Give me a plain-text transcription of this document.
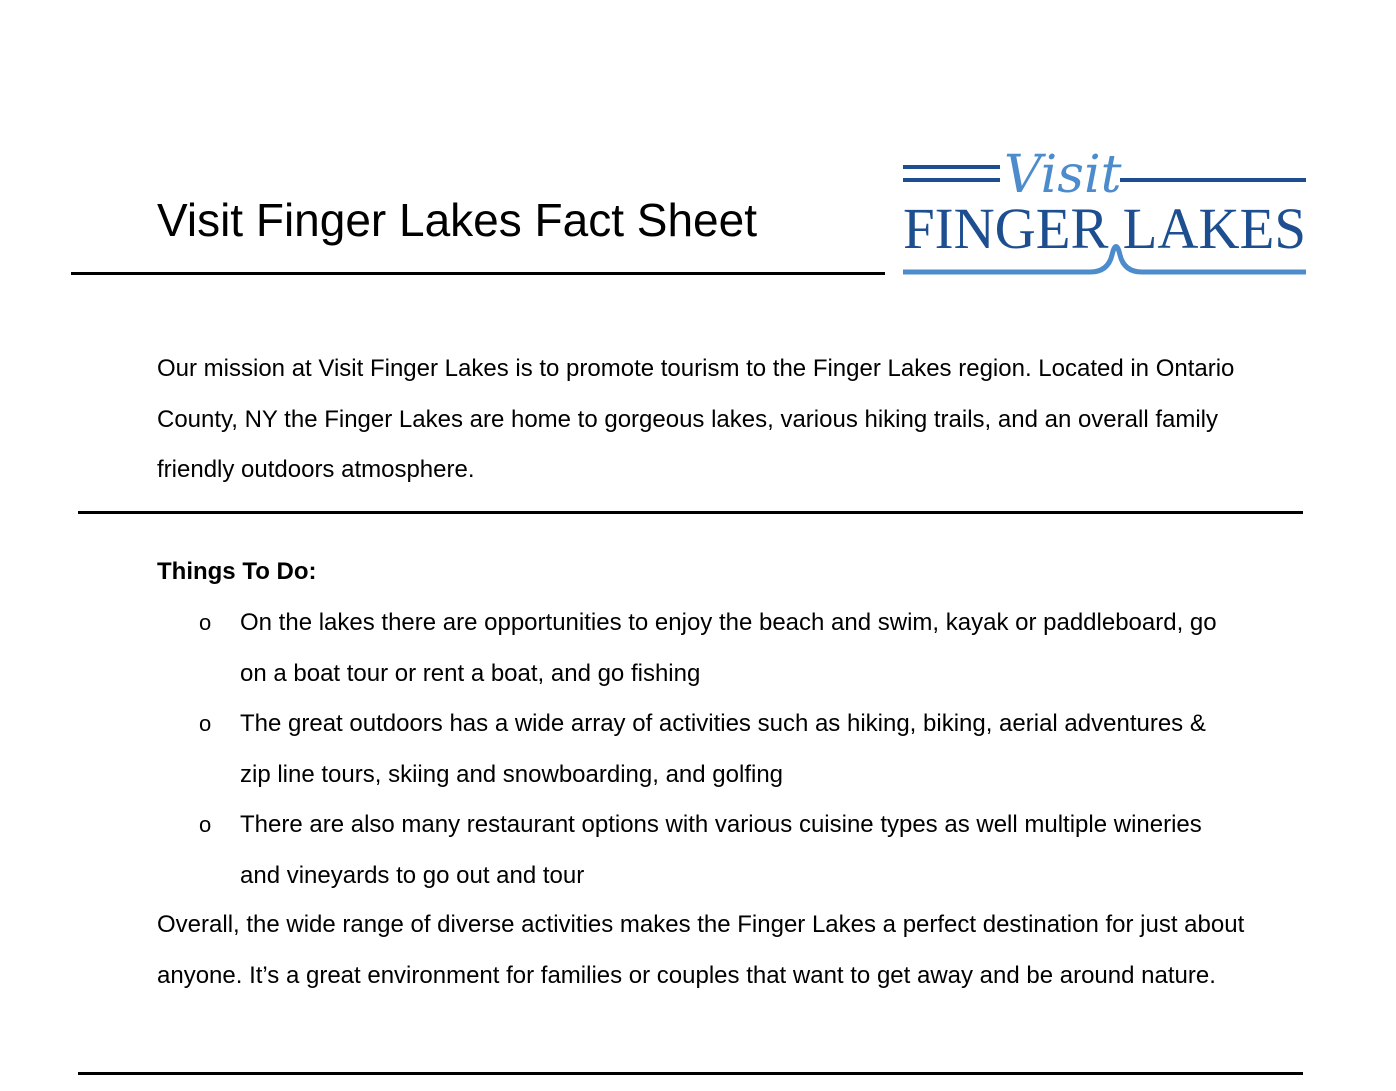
Visit Finger Lakes Fact Sheet
Visit
FINGER LAKES

Our mission at Visit Finger Lakes is to promote tourism to the Finger Lakes region. Located in Ontario County, NY the Finger Lakes are home to gorgeous lakes, various hiking trails, and an overall family friendly outdoors atmosphere.

Things To Do:

o On the lakes there are opportunities to enjoy the beach and swim, kayak or paddleboard, go on a boat tour or rent a boat, and go fishing
o The great outdoors has a wide array of activities such as hiking, biking, aerial adventures & zip line tours, skiing and snowboarding, and golfing
o There are also many restaurant options with various cuisine types as well multiple wineries and vineyards to go out and tour

Overall, the wide range of diverse activities makes the Finger Lakes a perfect destination for just about anyone. It’s a great environment for families or couples that want to get away and be around nature.
